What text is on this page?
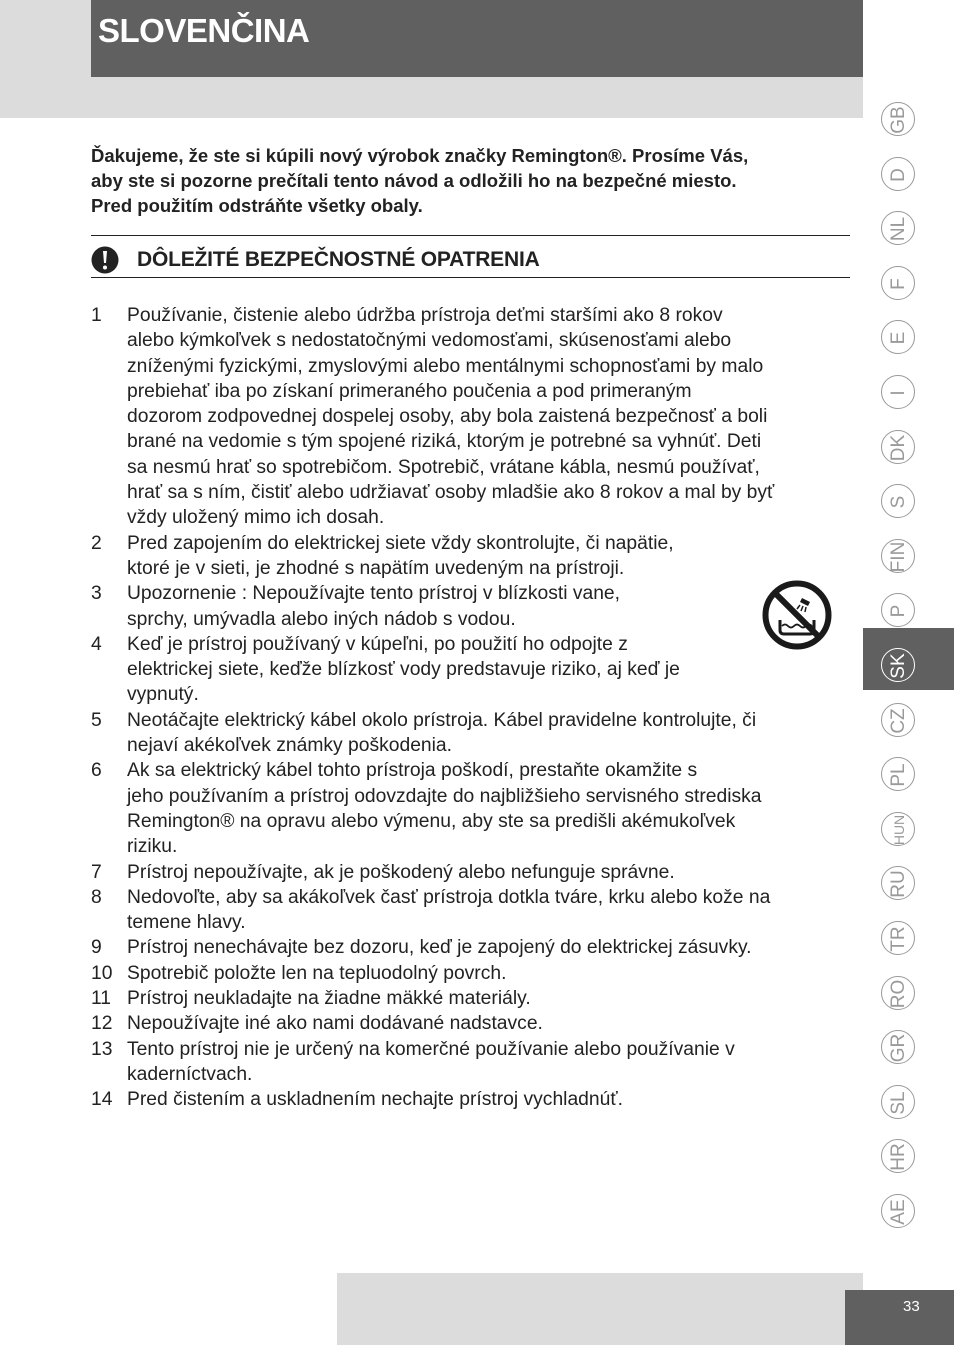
SLOVENČINA
33
Ďakujeme, že ste si kúpili nový výrobok značky Remington®. Prosíme Vás,
aby ste si pozorne prečítali tento návod a odložili ho na bezpečné miesto.
Pred použitím odstráňte všetky obaly.
DÔLEŽITÉ BEZPEČNOSTNÉ OPATRENIA
1 Používanie, čistenie alebo údržba prístroja deťmi staršími ako 8 rokov
alebo kýmkoľvek s nedostatočnými vedomosťami, skúsenosťami alebo
zníženými fyzickými, zmyslovými alebo mentálnymi schopnosťami by malo
prebiehať iba po získaní primeraného poučenia a pod primeraným
dozorom zodpovednej dospelej osoby, aby bola zaistená bezpečnosť a boli
brané na vedomie s tým spojené riziká, ktorým je potrebné sa vyhnúť. Deti
sa nesmú hrať so spotrebičom. Spotrebič, vrátane kábla, nesmú používať,
hrať sa s ním, čistiť alebo udržiavať osoby mladšie ako 8 rokov a mal by byť
vždy uložený mimo ich dosah.
2 Pred zapojením do elektrickej siete vždy skontrolujte, či napätie,
ktoré je v sieti, je zhodné s napätím uvedeným na prístroji.
3 Upozornenie : Nepoužívajte tento prístroj v blízkosti vane,
sprchy, umývadla alebo iných nádob s vodou.
4 Keď je prístroj používaný v kúpeľni, po použití ho odpojte z
elektrickej siete, keďže blízkosť vody predstavuje riziko, aj keď je
vypnutý.
5 Neotáčajte elektrický kábel okolo prístroja. Kábel pravidelne kontrolujte, či
nejaví akékoľvek známky poškodenia.
6 Ak sa elektrický kábel tohto prístroja poškodí, prestaňte okamžite s
jeho používaním a prístroj odovzdajte do najbližšieho servisného strediska
Remington® na opravu alebo výmenu, aby ste sa predišli akémukoľvek
riziku.
7 Prístroj nepoužívajte, ak je poškodený alebo nefunguje správne.
8 Nedovoľte, aby sa akákoľvek časť prístroja dotkla tváre, krku alebo kože na
temene hlavy.
9 Prístroj nenechávajte bez dozoru, keď je zapojený do elektrickej zásuvky.
10 Spotrebič položte len na tepluodolný povrch.
11 Prístroj neukladajte na žiadne mäkké materiály.
12 Nepoužívajte iné ako nami dodávané nadstavce.
13 Tento prístroj nie je určený na komerčné používanie alebo používanie v
kaderníctvach.
14 Pred čistením a uskladnením nechajte prístroj vychladnúť.
GB
D
NL
F
E
I
DK
S
FIN
P
SK
CZ
PL
HUN
RU
TR
RO
GR
SL
HR
AE
